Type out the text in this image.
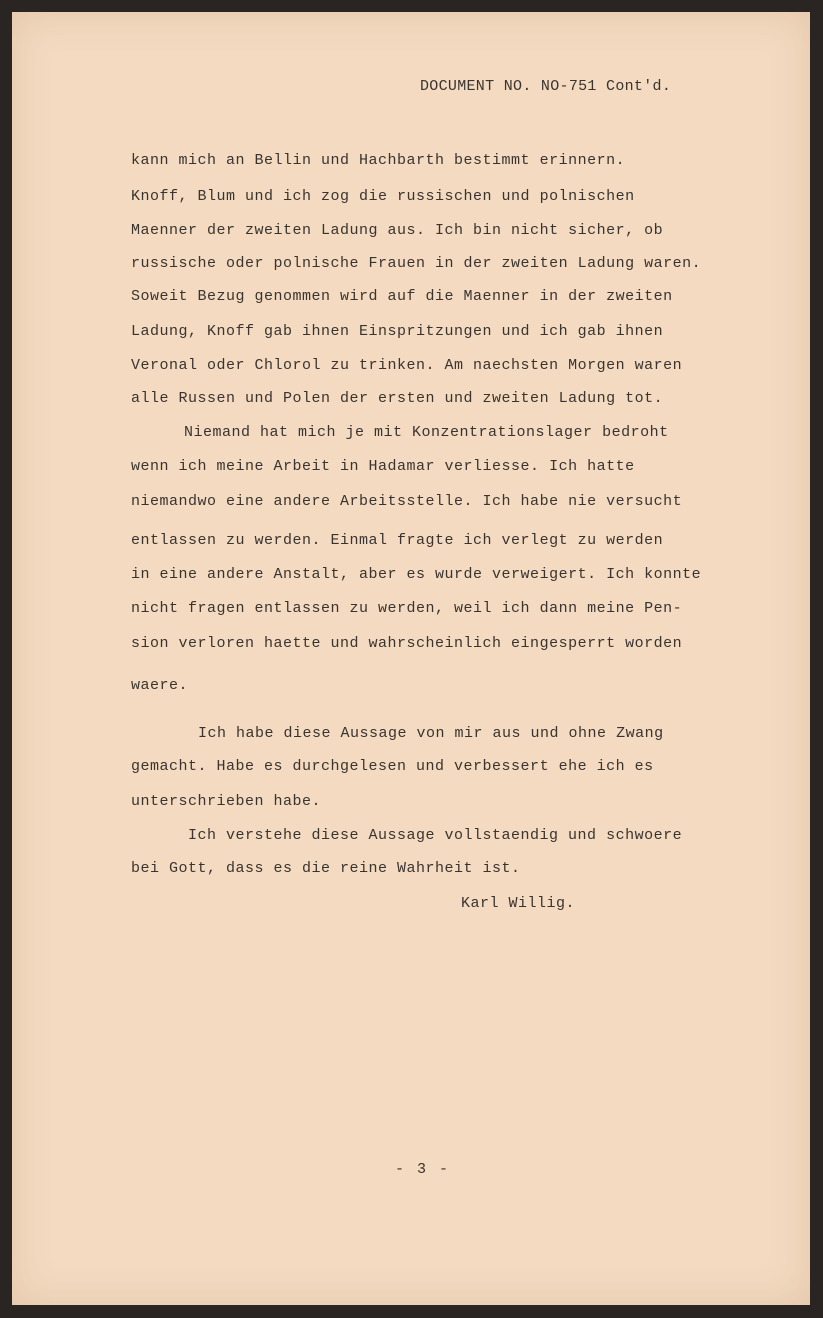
DOCUMENT NO. NO-751 Cont'd.
kann mich an Bellin und Hachbarth bestimmt erinnern.
Knoff, Blum und ich zog die russischen und polnischen
Maenner der zweiten Ladung aus. Ich bin nicht sicher, ob
russische oder polnische Frauen in der zweiten Ladung waren.
Soweit Bezug genommen wird auf die Maenner in der zweiten
Ladung, Knoff gab ihnen Einspritzungen und ich gab ihnen
Veronal oder Chlorol zu trinken. Am naechsten Morgen waren
alle Russen und Polen der ersten und zweiten Ladung tot.
Niemand hat mich je mit Konzentrationslager bedroht
wenn ich meine Arbeit in Hadamar verliesse. Ich hatte
niemandwo eine andere Arbeitsstelle. Ich habe nie versucht
entlassen zu werden. Einmal fragte ich verlegt zu werden
in eine andere Anstalt, aber es wurde verweigert. Ich konnte
nicht fragen entlassen zu werden, weil ich dann meine Pen-
sion verloren haette und wahrscheinlich eingesperrt worden
waere.
Ich habe diese Aussage von mir aus und ohne Zwang
gemacht. Habe es durchgelesen und verbessert ehe ich es
unterschrieben habe.
Ich verstehe diese Aussage vollstaendig und schwoere
bei Gott, dass es die reine Wahrheit ist.
Karl Willig.
- 3 -
